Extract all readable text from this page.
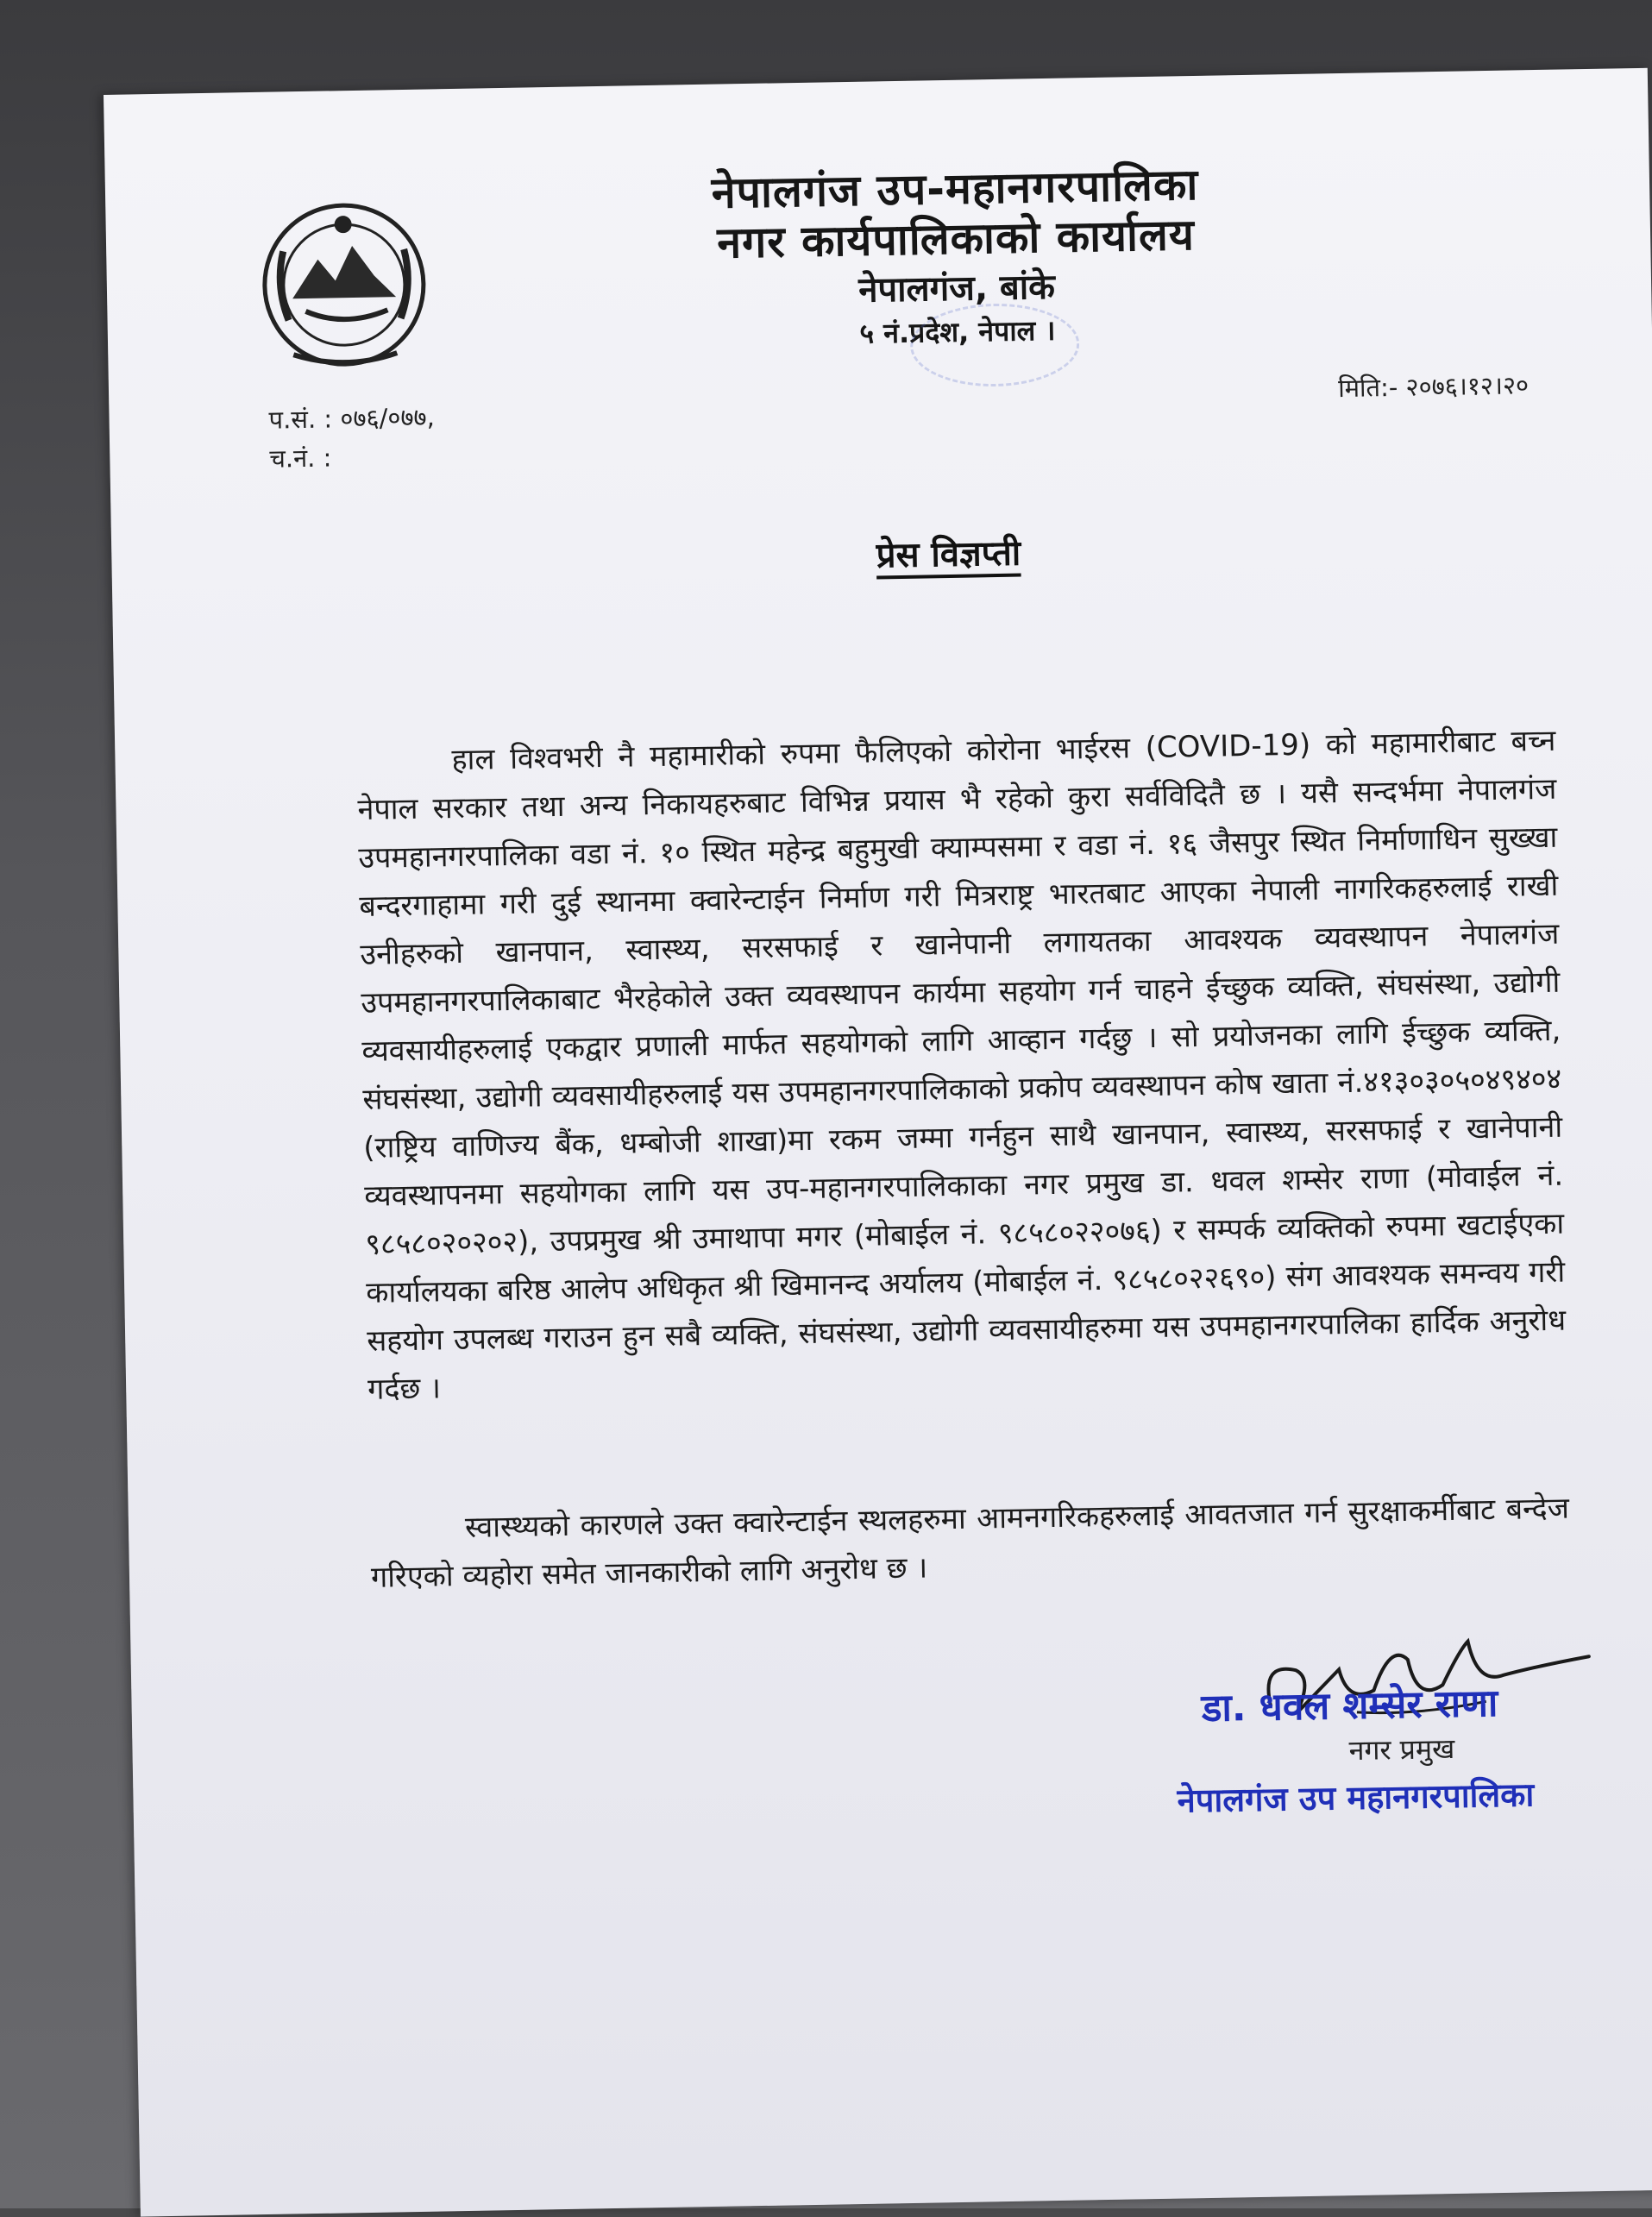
नेपालगंज उप-महानगरपालिका
नगर कार्यपालिकाको कार्यालय
नेपालगंज, बांके
५ नं.प्रदेश, नेपाल ।
प.सं. : ०७६/०७७,
च.नं. :
मिति:- २०७६।१२।२०
प्रेस विज्ञप्ती
हाल विश्वभरी नै महामारीको रुपमा फैलिएको कोरोना भाईरस (COVID-19) को महामारीबाट बच्न नेपाल सरकार तथा अन्य निकायहरुबाट विभिन्न प्रयास भै रहेको कुरा सर्वविदितै छ । यसै सन्दर्भमा नेपालगंज उपमहानगरपालिका वडा नं. १० स्थित महेन्द्र बहुमुखी क्याम्पसमा र वडा नं. १६ जैसपुर स्थित निर्माणाधिन सुख्खा बन्दरगाहामा गरी दुई स्थानमा क्वारेन्टाईन निर्माण गरी मित्रराष्ट्र भारतबाट आएका नेपाली नागरिकहरुलाई राखी उनीहरुको खानपान, स्वास्थ्य, सरसफाई र खानेपानी लगायतका आवश्यक व्यवस्थापन नेपालगंज उपमहानगरपालिकाबाट भैरहेकोले उक्त व्यवस्थापन कार्यमा सहयोग गर्न चाहने ईच्छुक व्यक्ति, संघसंस्था, उद्योगी व्यवसायीहरुलाई एकद्वार प्रणाली मार्फत सहयोगको लागि आव्हान गर्दछु । सो प्रयोजनका लागि ईच्छुक व्यक्ति, संघसंस्था, उद्योगी व्यवसायीहरुलाई यस उपमहानगरपालिकाको प्रकोप व्यवस्थापन कोष खाता नं.४१३०३०५०४९४०४ (राष्ट्रिय वाणिज्य बैंक, धम्बोजी शाखा)मा रकम जम्मा गर्नहुन साथै खानपान, स्वास्थ्य, सरसफाई र खानेपानी व्यवस्थापनमा सहयोगका लागि यस उप-महानगरपालिकाका नगर प्रमुख डा. धवल शम्सेर राणा (मोवाईल नं. ९८५८०२०२०२), उपप्रमुख श्री उमाथापा मगर (मोबाईल नं. ९८५८०२२०७६) र सम्पर्क व्यक्तिको रुपमा खटाईएका कार्यालयका बरिष्ठ आलेप अधिकृत श्री खिमानन्द अर्यालय (मोबाईल नं. ९८५८०२२६९०) संग आवश्यक समन्वय गरी सहयोग उपलब्ध गराउन हुन सबै व्यक्ति, संघसंस्था, उद्योगी व्यवसायीहरुमा यस उपमहानगरपालिका हार्दिक अनुरोध गर्दछ ।
स्वास्थ्यको कारणले उक्त क्वारेन्टाईन स्थलहरुमा आमनगरिकहरुलाई आवतजात गर्न सुरक्षाकर्मीबाट बन्देज गरिएको व्यहोरा समेत जानकारीको लागि अनुरोध छ ।
डा. धवल शम्सेर राणा
नगर प्रमुख
नेपालगंज उप महानगरपालिका
